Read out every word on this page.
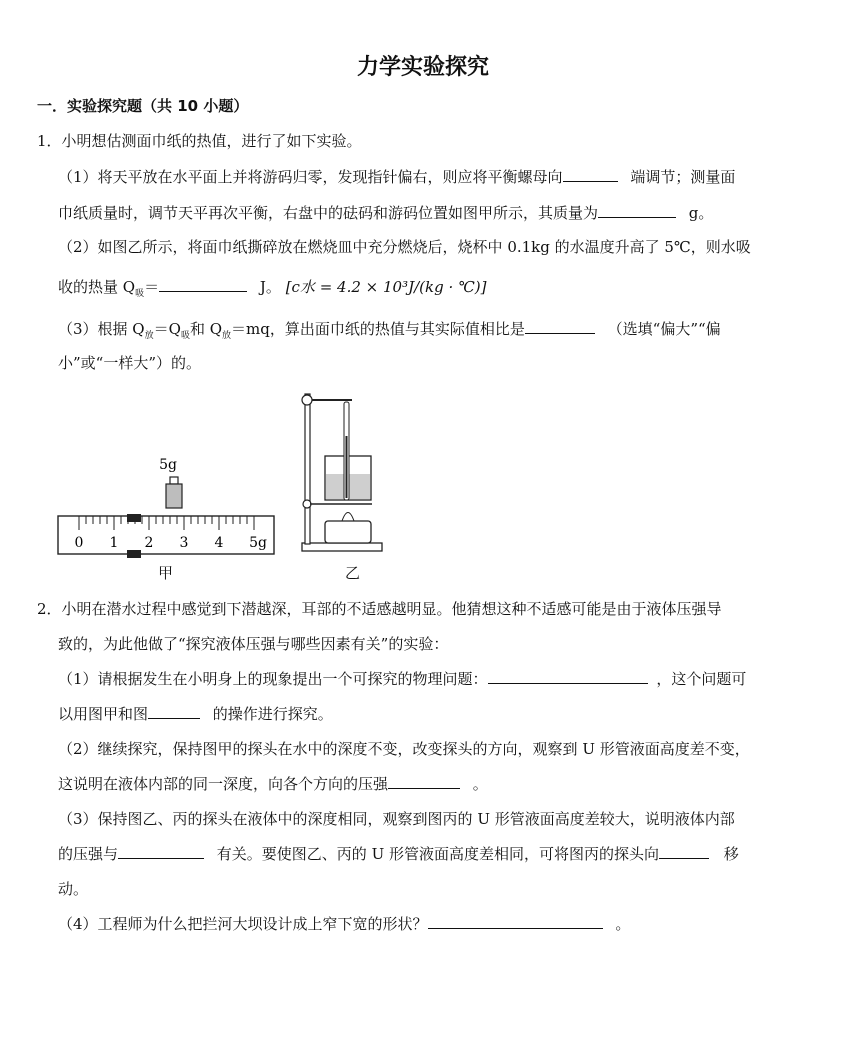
力学实验探究
一．实验探究题（共 10 小题）
1．小明想估测面巾纸的热值，进行了如下实验。
（1）将天平放在水平面上并将游码归零，发现指针偏右，则应将平衡螺母向	端调节；测量面
巾纸质量时，调节天平再次平衡，右盘中的砝码和游码位置如图甲所示，其质量为	g。
（2）如图乙所示，将面巾纸撕碎放在燃烧皿中充分燃烧后，烧杯中 0.1kg 的水温度升高了 5℃，则水吸
收的热量 $Q_吸=$	J。 [c水 = 4.2 × 10³J/(kg · ℃)]
（3）根据 $Q_放=Q_吸$和 $Q_放=mq$，算出面巾纸的热值与其实际值相比是	（选填“偏大”“偏
小”或“一样大”）的。
5g
0 1 2 3 4 5g
甲	乙
2．小明在潜水过程中感觉到下潜越深，耳部的不适感越明显。他猜想这种不适感可能是由于液体压强导
致的，为此他做了“探究液体压强与哪些因素有关”的实验：
（1）请根据发生在小明身上的现象提出一个可探究的物理问题：	，这个问题可
以用图甲和图	的操作进行探究。
（2）继续探究，保持图甲的探头在水中的深度不变，改变探头的方向，观察到 U 形管液面高度差不变，
这说明在液体内部的同一深度，向各个方向的压强	。
（3）保持图乙、丙的探头在液体中的深度相同，观察到图丙的 U 形管液面高度差较大，说明液体内部
的压强与	有关。要使图乙、丙的 U 形管液面高度差相同，可将图丙的探头向	移
动。
（4）工程师为什么把拦河大坝设计成上窄下宽的形状？	。
